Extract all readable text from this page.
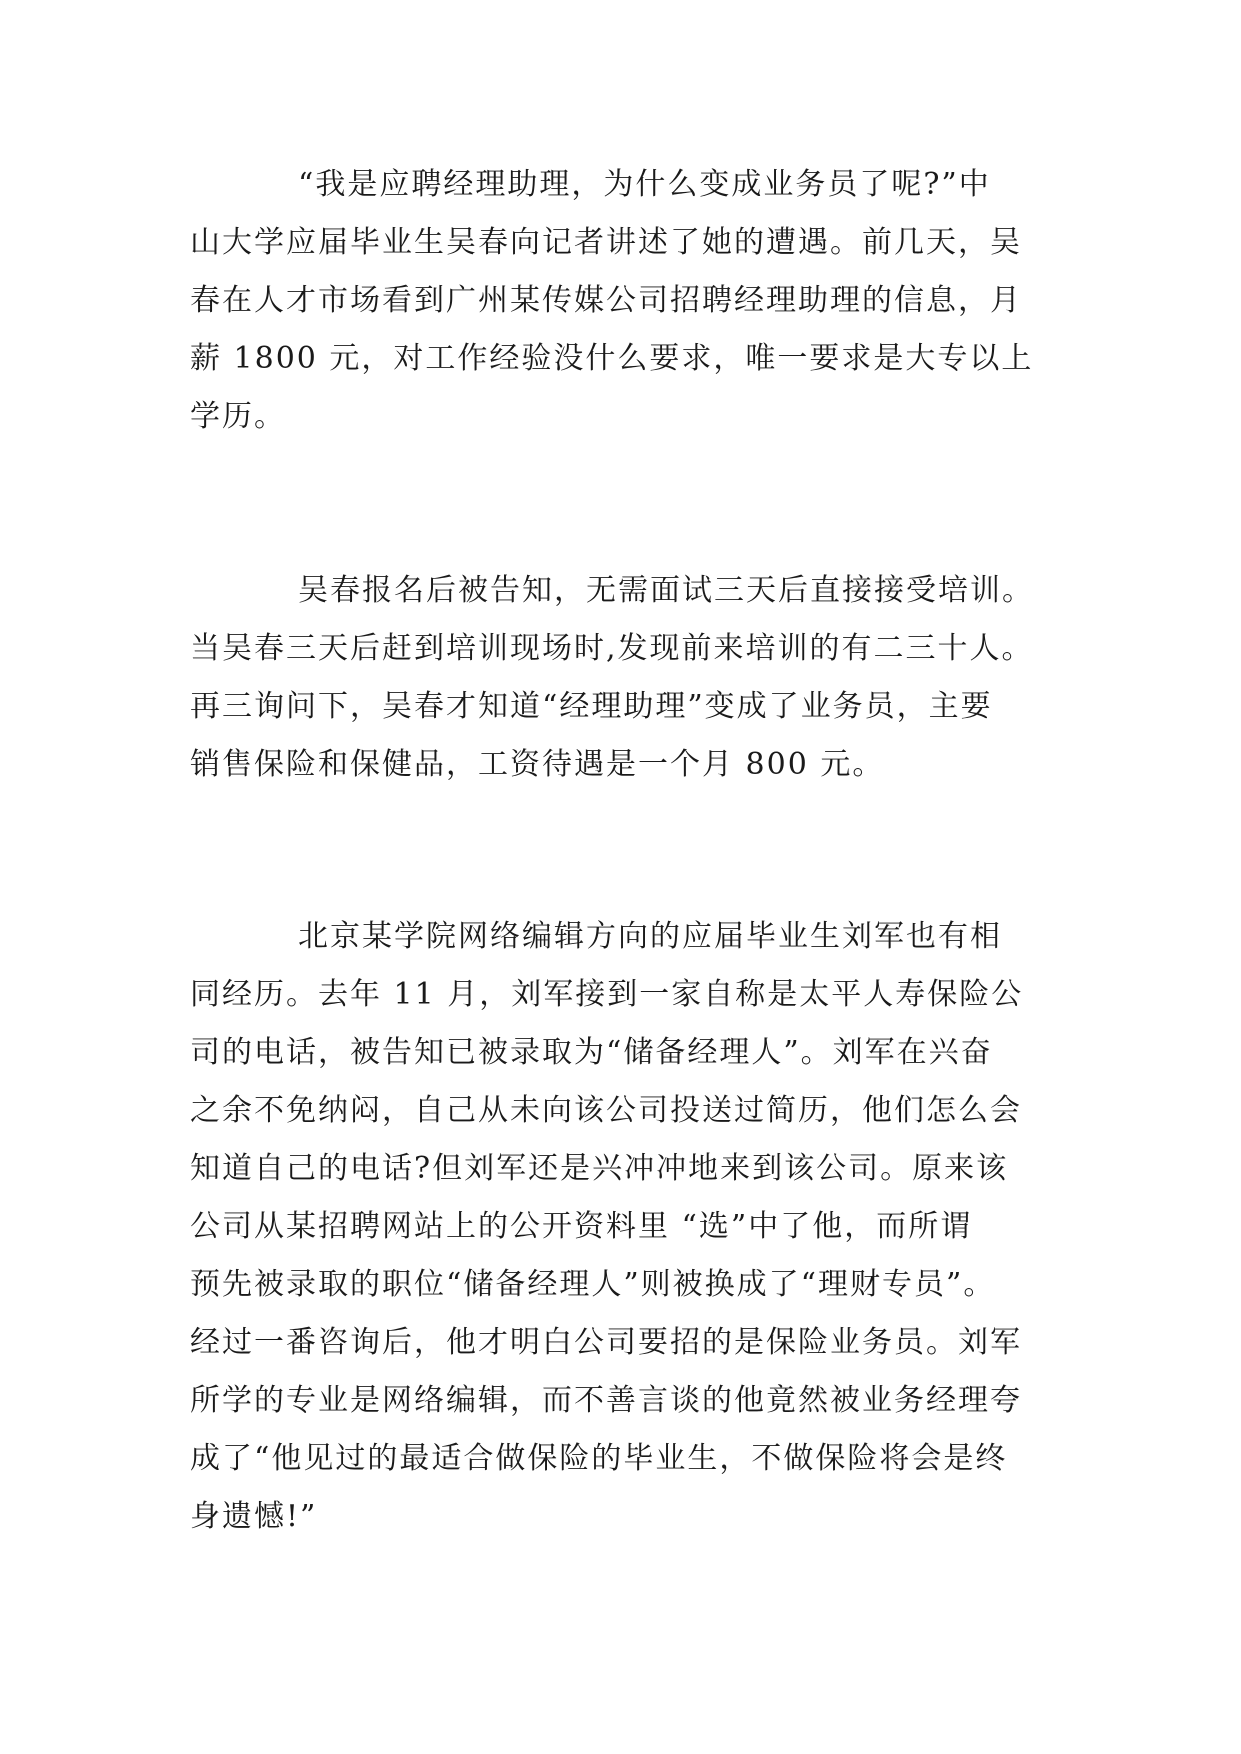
“我是应聘经理助理，为什么变成业务员了呢?”中
山大学应届毕业生吴春向记者讲述了她的遭遇。前几天，吴
春在人才市场看到广州某传媒公司招聘经理助理的信息，月
薪 1800 元，对工作经验没什么要求，唯一要求是大专以上
学历。
吴春报名后被告知，无需面试三天后直接接受培训。
当吴春三天后赶到培训现场时,发现前来培训的有二三十人。
再三询问下，吴春才知道“经理助理”变成了业务员，主要
销售保险和保健品，工资待遇是一个月 800 元。
北京某学院网络编辑方向的应届毕业生刘军也有相
同经历。去年 11 月，刘军接到一家自称是太平人寿保险公
司的电话，被告知已被录取为“储备经理人”。刘军在兴奋
之余不免纳闷，自己从未向该公司投送过简历，他们怎么会
知道自己的电话?但刘军还是兴冲冲地来到该公司。原来该
公司从某招聘网站上的公开资料里 “选”中了他，而所谓
预先被录取的职位“储备经理人”则被换成了“理财专员”。
经过一番咨询后，他才明白公司要招的是保险业务员。刘军
所学的专业是网络编辑，而不善言谈的他竟然被业务经理夸
成了“他见过的最适合做保险的毕业生，不做保险将会是终
身遗憾!”
